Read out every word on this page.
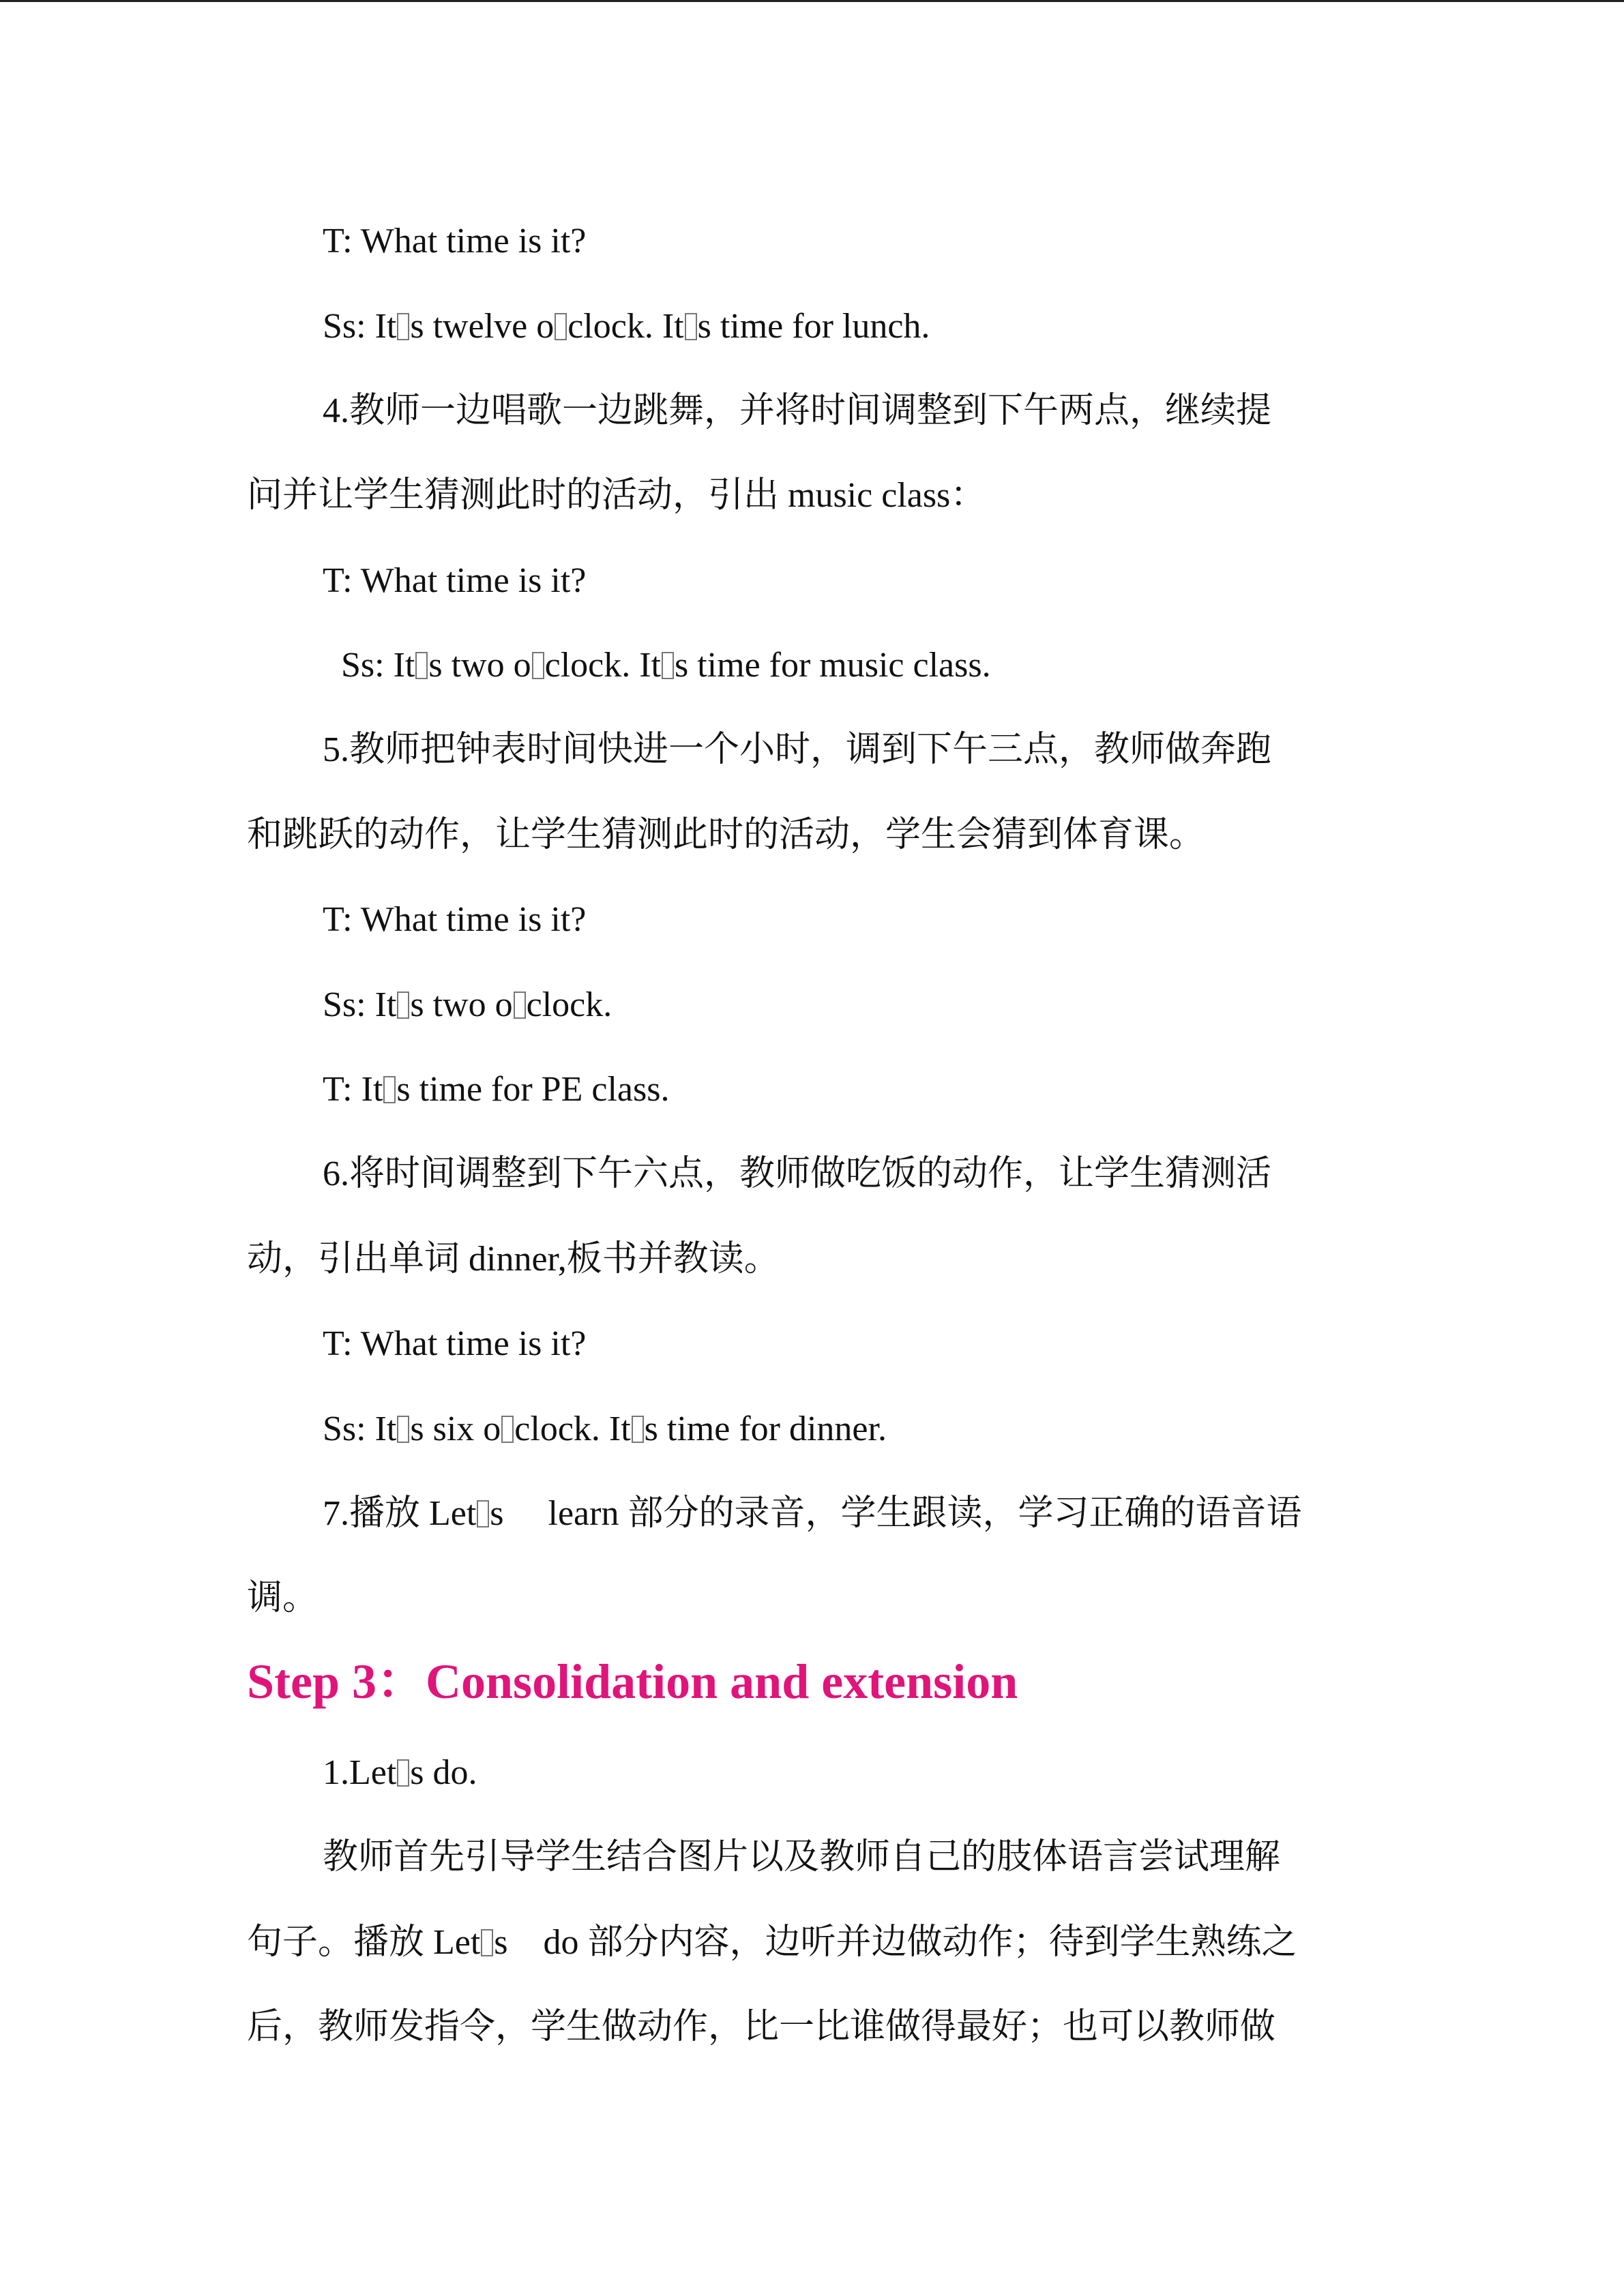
T: What time is it?
Ss: It s twelve o clock. It s time for lunch.
4.教师一边唱歌一边跳舞，并将时间调整到下午两点，继续提
问并让学生猜测此时的活动，引出 music class：
T: What time is it?
Ss: It s two o clock. It s time for music class.
5.教师把钟表时间快进一个小时，调到下午三点，教师做奔跑
和跳跃的动作，让学生猜测此时的活动，学生会猜到体育课。
T: What time is it?
Ss: It s two o clock.
T: It s time for PE class.
6.将时间调整到下午六点，教师做吃饭的动作，让学生猜测活
动，引出单词 dinner,板书并教读。
T: What time is it?
Ss: It s six o clock. It s time for dinner.
7.播放 Let s     learn 部分的录音，学生跟读，学习正确的语音语
调。
Step 3：Consolidation and extension
1.Let s do.
教师首先引导学生结合图片以及教师自己的肢体语言尝试理解
句子。播放 Let s    do 部分内容，边听并边做动作；待到学生熟练之
后，教师发指令，学生做动作，比一比谁做得最好；也可以教师做
